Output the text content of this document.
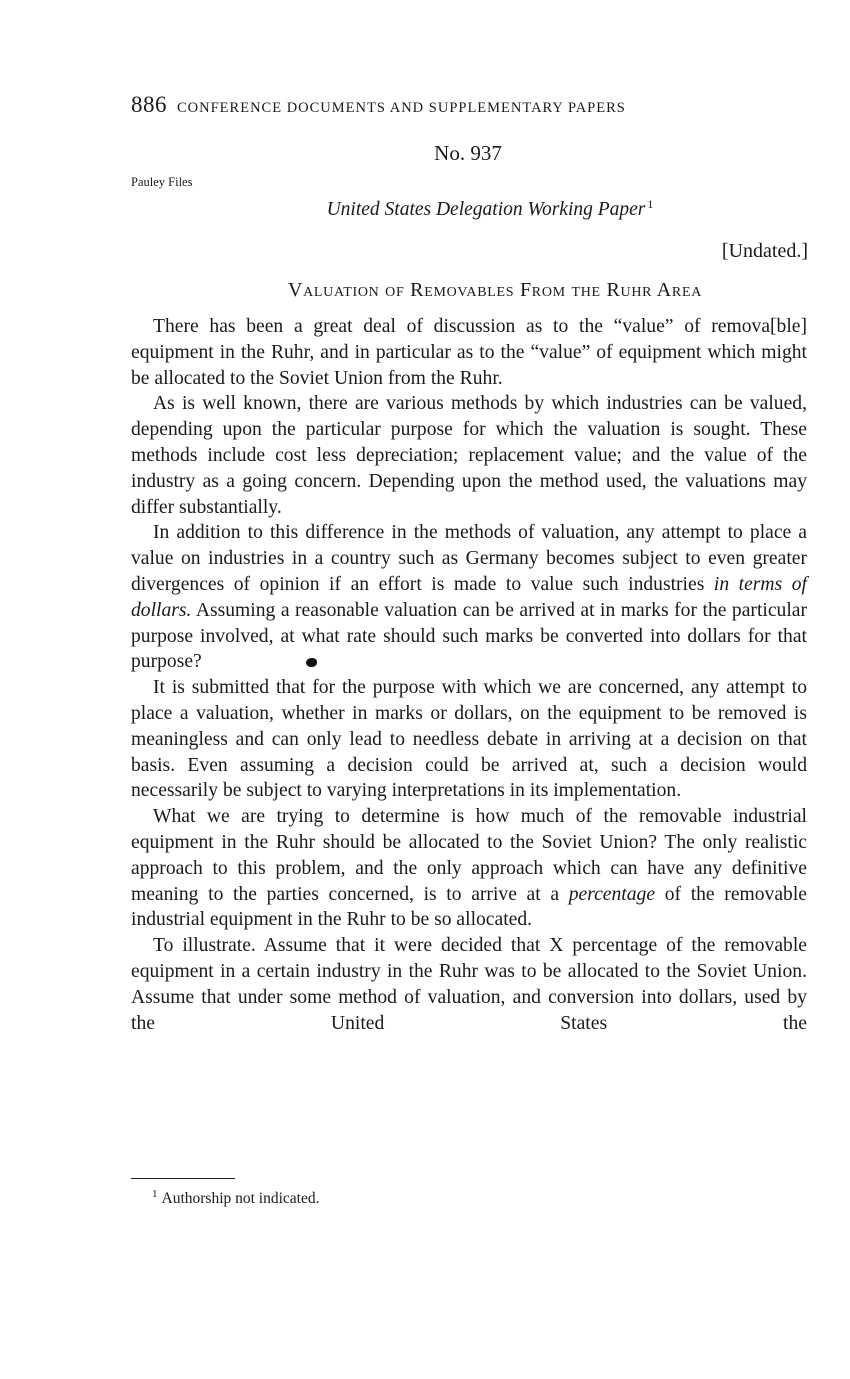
886 CONFERENCE DOCUMENTS AND SUPPLEMENTARY PAPERS
No. 937
Pauley Files
United States Delegation Working Paper $^1$
[Undated.]
Valuation of Removables From the Ruhr Area

There has been a great deal of discussion as to the “value” of remova[ble] equipment in the Ruhr, and in particular as to the “value” of equipment which might be allocated to the Soviet Union from the Ruhr.

As is well known, there are various methods by which industries can be valued, depending upon the particular purpose for which the valuation is sought. These methods include cost less depreciation; replacement value; and the value of the industry as a going concern. Depending upon the method used, the valuations may differ substantially.

In addition to this difference in the methods of valuation, any attempt to place a value on industries in a country such as Germany becomes subject to even greater divergences of opinion if an effort is made to value such industries in terms of dollars. Assuming a reasonable valuation can be arrived at in marks for the particular purpose involved, at what rate should such marks be converted into dollars for that purpose?

It is submitted that for the purpose with which we are concerned, any attempt to place a valuation, whether in marks or dollars, on the equipment to be removed is meaningless and can only lead to needless debate in arriving at a decision on that basis. Even assuming a decision could be arrived at, such a decision would necessarily be subject to varying interpretations in its implementation.

What we are trying to determine is how much of the removable industrial equipment in the Ruhr should be allocated to the Soviet Union? The only realistic approach to this problem, and the only approach which can have any definitive meaning to the parties concerned, is to arrive at a percentage of the removable industrial equipment in the Ruhr to be so allocated.

To illustrate. Assume that it were decided that X percentage of the removable equipment in a certain industry in the Ruhr was to be allocated to the Soviet Union. Assume that under some method of valuation, and conversion into dollars, used by the United States the

$^1$ Authorship not indicated.
